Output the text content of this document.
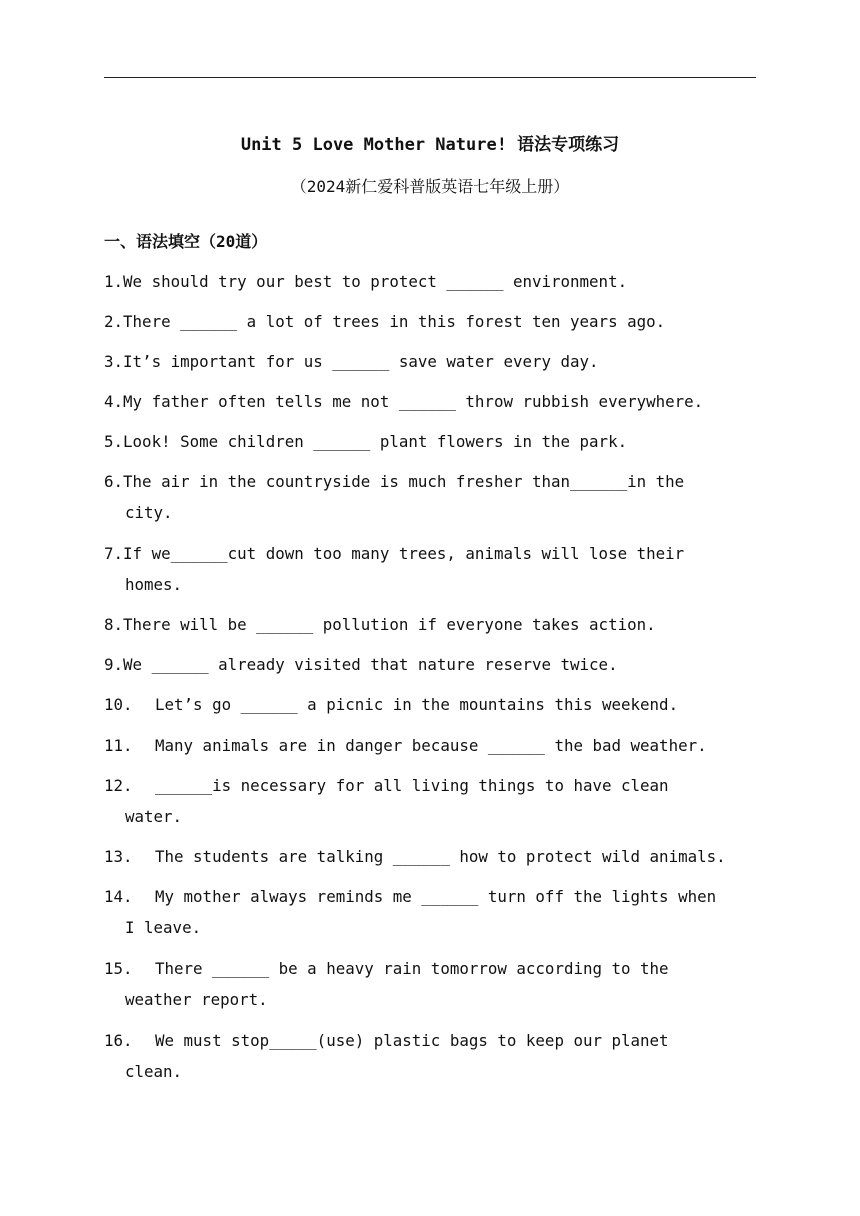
Unit 5 Love Mother Nature! 语法专项练习
（2024新仁爱科普版英语七年级上册）
一、语法填空（20道）
1.We should try our best to protect ______ environment.
2.There ______ a lot of trees in this forest ten years ago.
3.It’s important for us ______ save water every day.
4.My father often tells me not ______ throw rubbish everywhere.
5.Look! Some children ______ plant flowers in the park.
6.The air in the countryside is much fresher than______in the
city.
7.If we______cut down too many trees, animals will lose their
homes.
8.There will be ______ pollution if everyone takes action.
9.We ______ already visited that nature reserve twice.
10. Let’s go ______ a picnic in the mountains this weekend.
11. Many animals are in danger because ______ the bad weather.
12. ______is necessary for all living things to have clean
water.
13. The students are talking ______ how to protect wild animals.
14. My mother always reminds me ______ turn off the lights when
I leave.
15. There ______ be a heavy rain tomorrow according to the
weather report.
16. We must stop_____(use) plastic bags to keep our planet
clean.
